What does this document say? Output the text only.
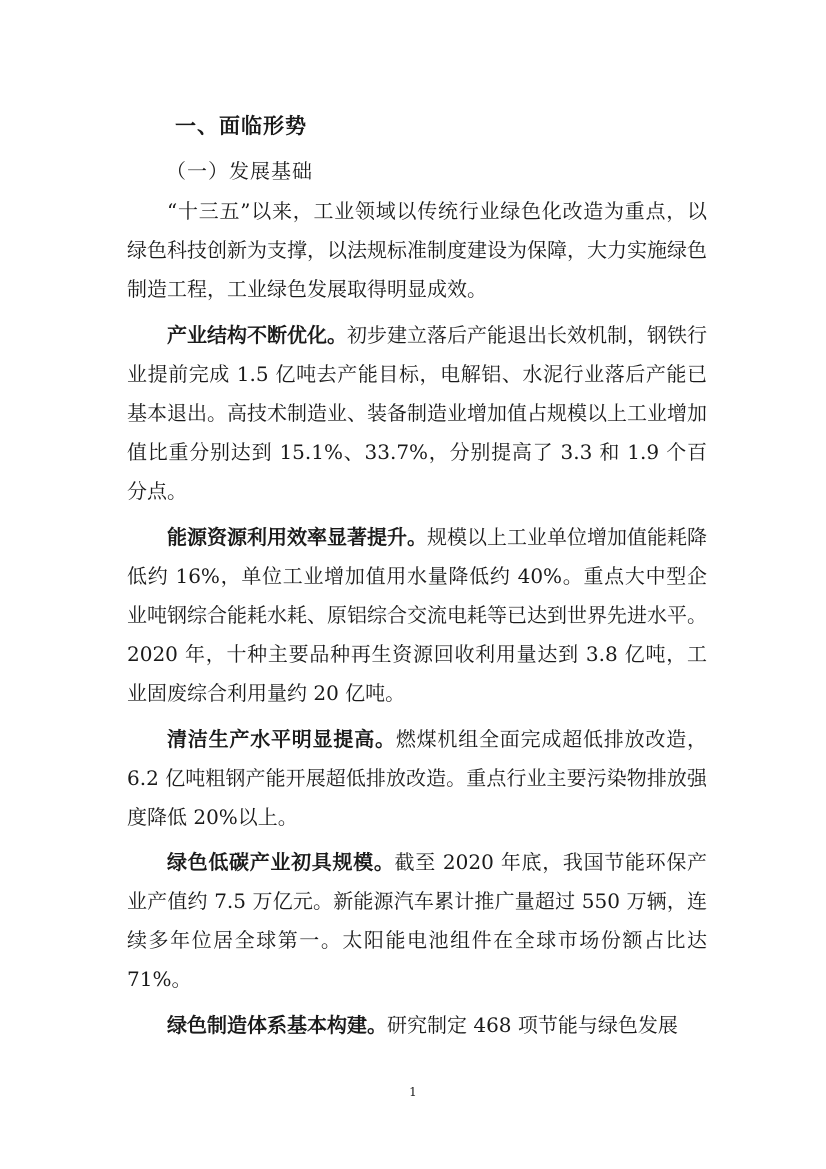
一、面临形势
（一）发展基础
“十三五”以来，工业领域以传统行业绿色化改造为重点，以绿色科技创新为支撑，以法规标准制度建设为保障，大力实施绿色制造工程，工业绿色发展取得明显成效。
产业结构不断优化。初步建立落后产能退出长效机制，钢铁行业提前完成 1.5 亿吨去产能目标，电解铝、水泥行业落后产能已基本退出。高技术制造业、装备制造业增加值占规模以上工业增加值比重分别达到 15.1%、33.7%，分别提高了 3.3 和 1.9 个百分点。
能源资源利用效率显著提升。规模以上工业单位增加值能耗降低约 16%，单位工业增加值用水量降低约 40%。重点大中型企业吨钢综合能耗水耗、原铝综合交流电耗等已达到世界先进水平。2020 年，十种主要品种再生资源回收利用量达到 3.8 亿吨，工业固废综合利用量约 20 亿吨。
清洁生产水平明显提高。燃煤机组全面完成超低排放改造，6.2 亿吨粗钢产能开展超低排放改造。重点行业主要污染物排放强度降低 20%以上。
绿色低碳产业初具规模。截至 2020 年底，我国节能环保产业产值约 7.5 万亿元。新能源汽车累计推广量超过 550 万辆，连续多年位居全球第一。太阳能电池组件在全球市场份额占比达 71%。
绿色制造体系基本构建。研究制定 468 项节能与绿色发展
1
